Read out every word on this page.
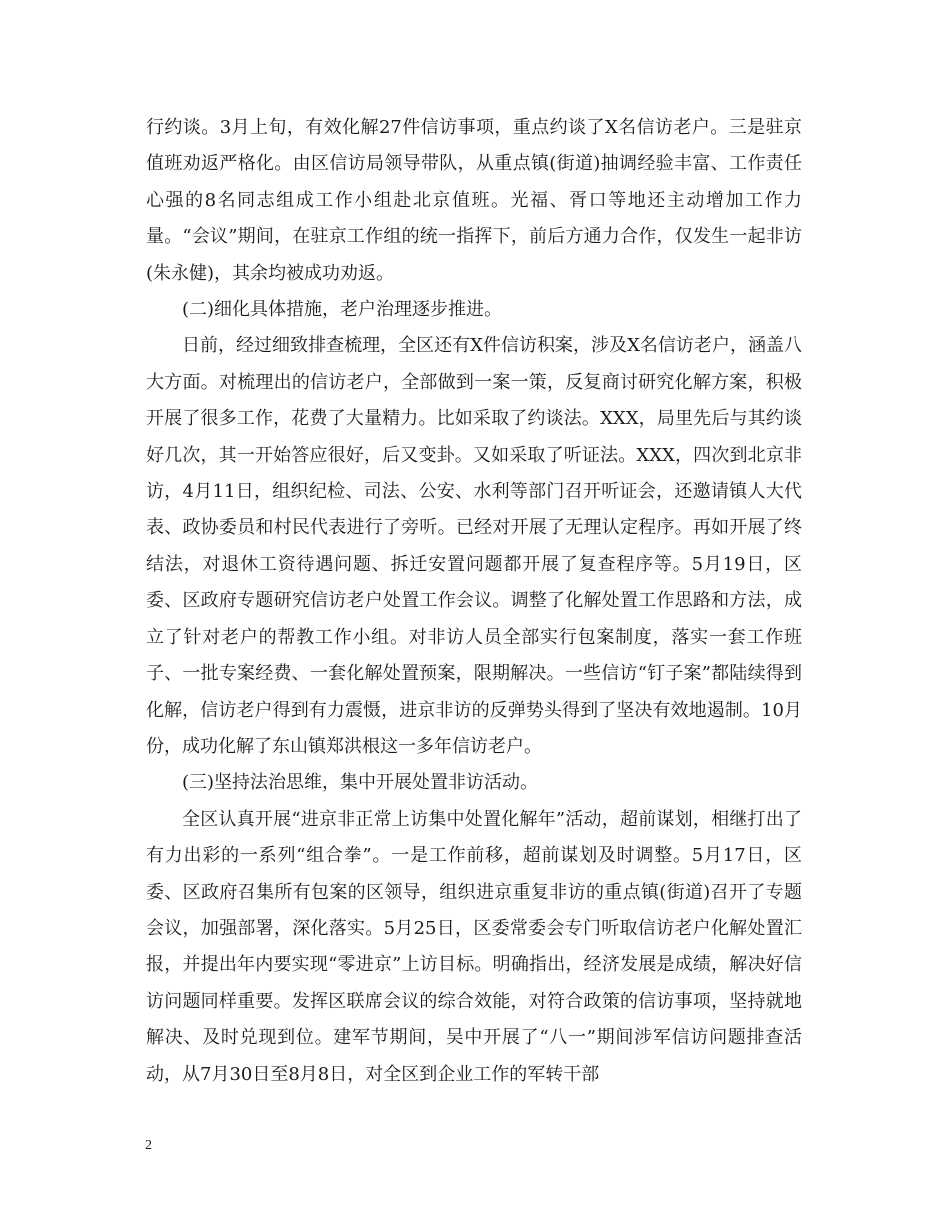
行约谈。3月上旬，有效化解27件信访事项，重点约谈了X名信访老户。三是驻京值班劝返严格化。由区信访局领导带队，从重点镇(街道)抽调经验丰富、工作责任心强的8名同志组成工作小组赴北京值班。光福、胥口等地还主动增加工作力量。“会议”期间，在驻京工作组的统一指挥下，前后方通力合作，仅发生一起非访(朱永健)，其余均被成功劝返。

(二)细化具体措施，老户治理逐步推进。

日前，经过细致排查梳理，全区还有X件信访积案，涉及X名信访老户，涵盖八大方面。对梳理出的信访老户，全部做到一案一策，反复商讨研究化解方案，积极开展了很多工作，花费了大量精力。比如采取了约谈法。XXX，局里先后与其约谈好几次，其一开始答应很好，后又变卦。又如采取了听证法。XXX，四次到北京非访，4月11日，组织纪检、司法、公安、水利等部门召开听证会，还邀请镇人大代表、政协委员和村民代表进行了旁听。已经对开展了无理认定程序。再如开展了终结法，对退休工资待遇问题、拆迁安置问题都开展了复查程序等。5月19日，区委、区政府专题研究信访老户处置工作会议。调整了化解处置工作思路和方法，成立了针对老户的帮教工作小组。对非访人员全部实行包案制度，落实一套工作班子、一批专案经费、一套化解处置预案，限期解决。一些信访“钉子案”都陆续得到化解，信访老户得到有力震慑，进京非访的反弹势头得到了坚决有效地遏制。10月份，成功化解了东山镇郑洪根这一多年信访老户。

(三)坚持法治思维，集中开展处置非访活动。

全区认真开展“进京非正常上访集中处置化解年”活动，超前谋划，相继打出了有力出彩的一系列“组合拳”。一是工作前移，超前谋划及时调整。5月17日，区委、区政府召集所有包案的区领导，组织进京重复非访的重点镇(街道)召开了专题会议，加强部署，深化落实。5月25日，区委常委会专门听取信访老户化解处置汇报，并提出年内要实现“零进京”上访目标。明确指出，经济发展是成绩，解决好信访问题同样重要。发挥区联席会议的综合效能，对符合政策的信访事项，坚持就地解决、及时兑现到位。建军节期间，吴中开展了“八一”期间涉军信访问题排查活动，从7月30日至8月8日，对全区到企业工作的军转干部

2
